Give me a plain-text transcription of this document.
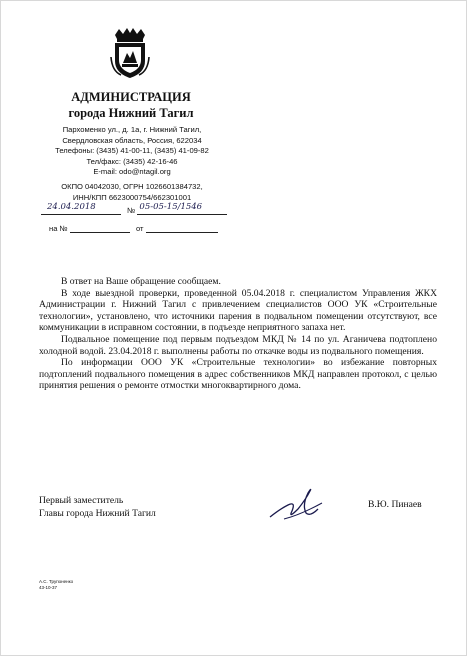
АДМИНИСТРАЦИЯ
города Нижний Тагил
Пархоменко ул., д. 1а, г. Нижний Тагил,
Свердловская область, Россия, 622034
Телефоны: (3435) 41-00-11, (3435) 41-09-82
Тел/факс: (3435) 42-16-46
E-mail: odo@ntagil.org
ОКПО 04042030, ОГРН 1026601384732,
ИНН/КПП 6623000754/662301001
24.04.2018	№ 05-05-15/1546
на №	от

В ответ на Ваше обращение сообщаем.

В ходе выездной проверки, проведенной 05.04.2018 г. специалистом Управления ЖКХ Администрации г. Нижний Тагил с привлечением специалистов ООО УК «Строительные технологии», установлено, что источники парения в подвальном помещении отсутствуют, все коммуникации в исправном состоянии, в подъезде неприятного запаха нет.

Подвальное помещение под первым подъездом МКД № 14 по ул. Аганичева подтоплено холодной водой. 23.04.2018 г. выполнены работы по откачке воды из подвального помещения.

По информации ООО УК «Строительные технологии» во избежание повторных подтоплений подвального помещения в адрес собственников МКД направлен протокол, с целью принятия решения о ремонте отмостки многоквартирного дома.

Первый заместитель
Главы города Нижний Тагил
В.Ю. Пинаев
А.С. Трупоненко
43-10-37
